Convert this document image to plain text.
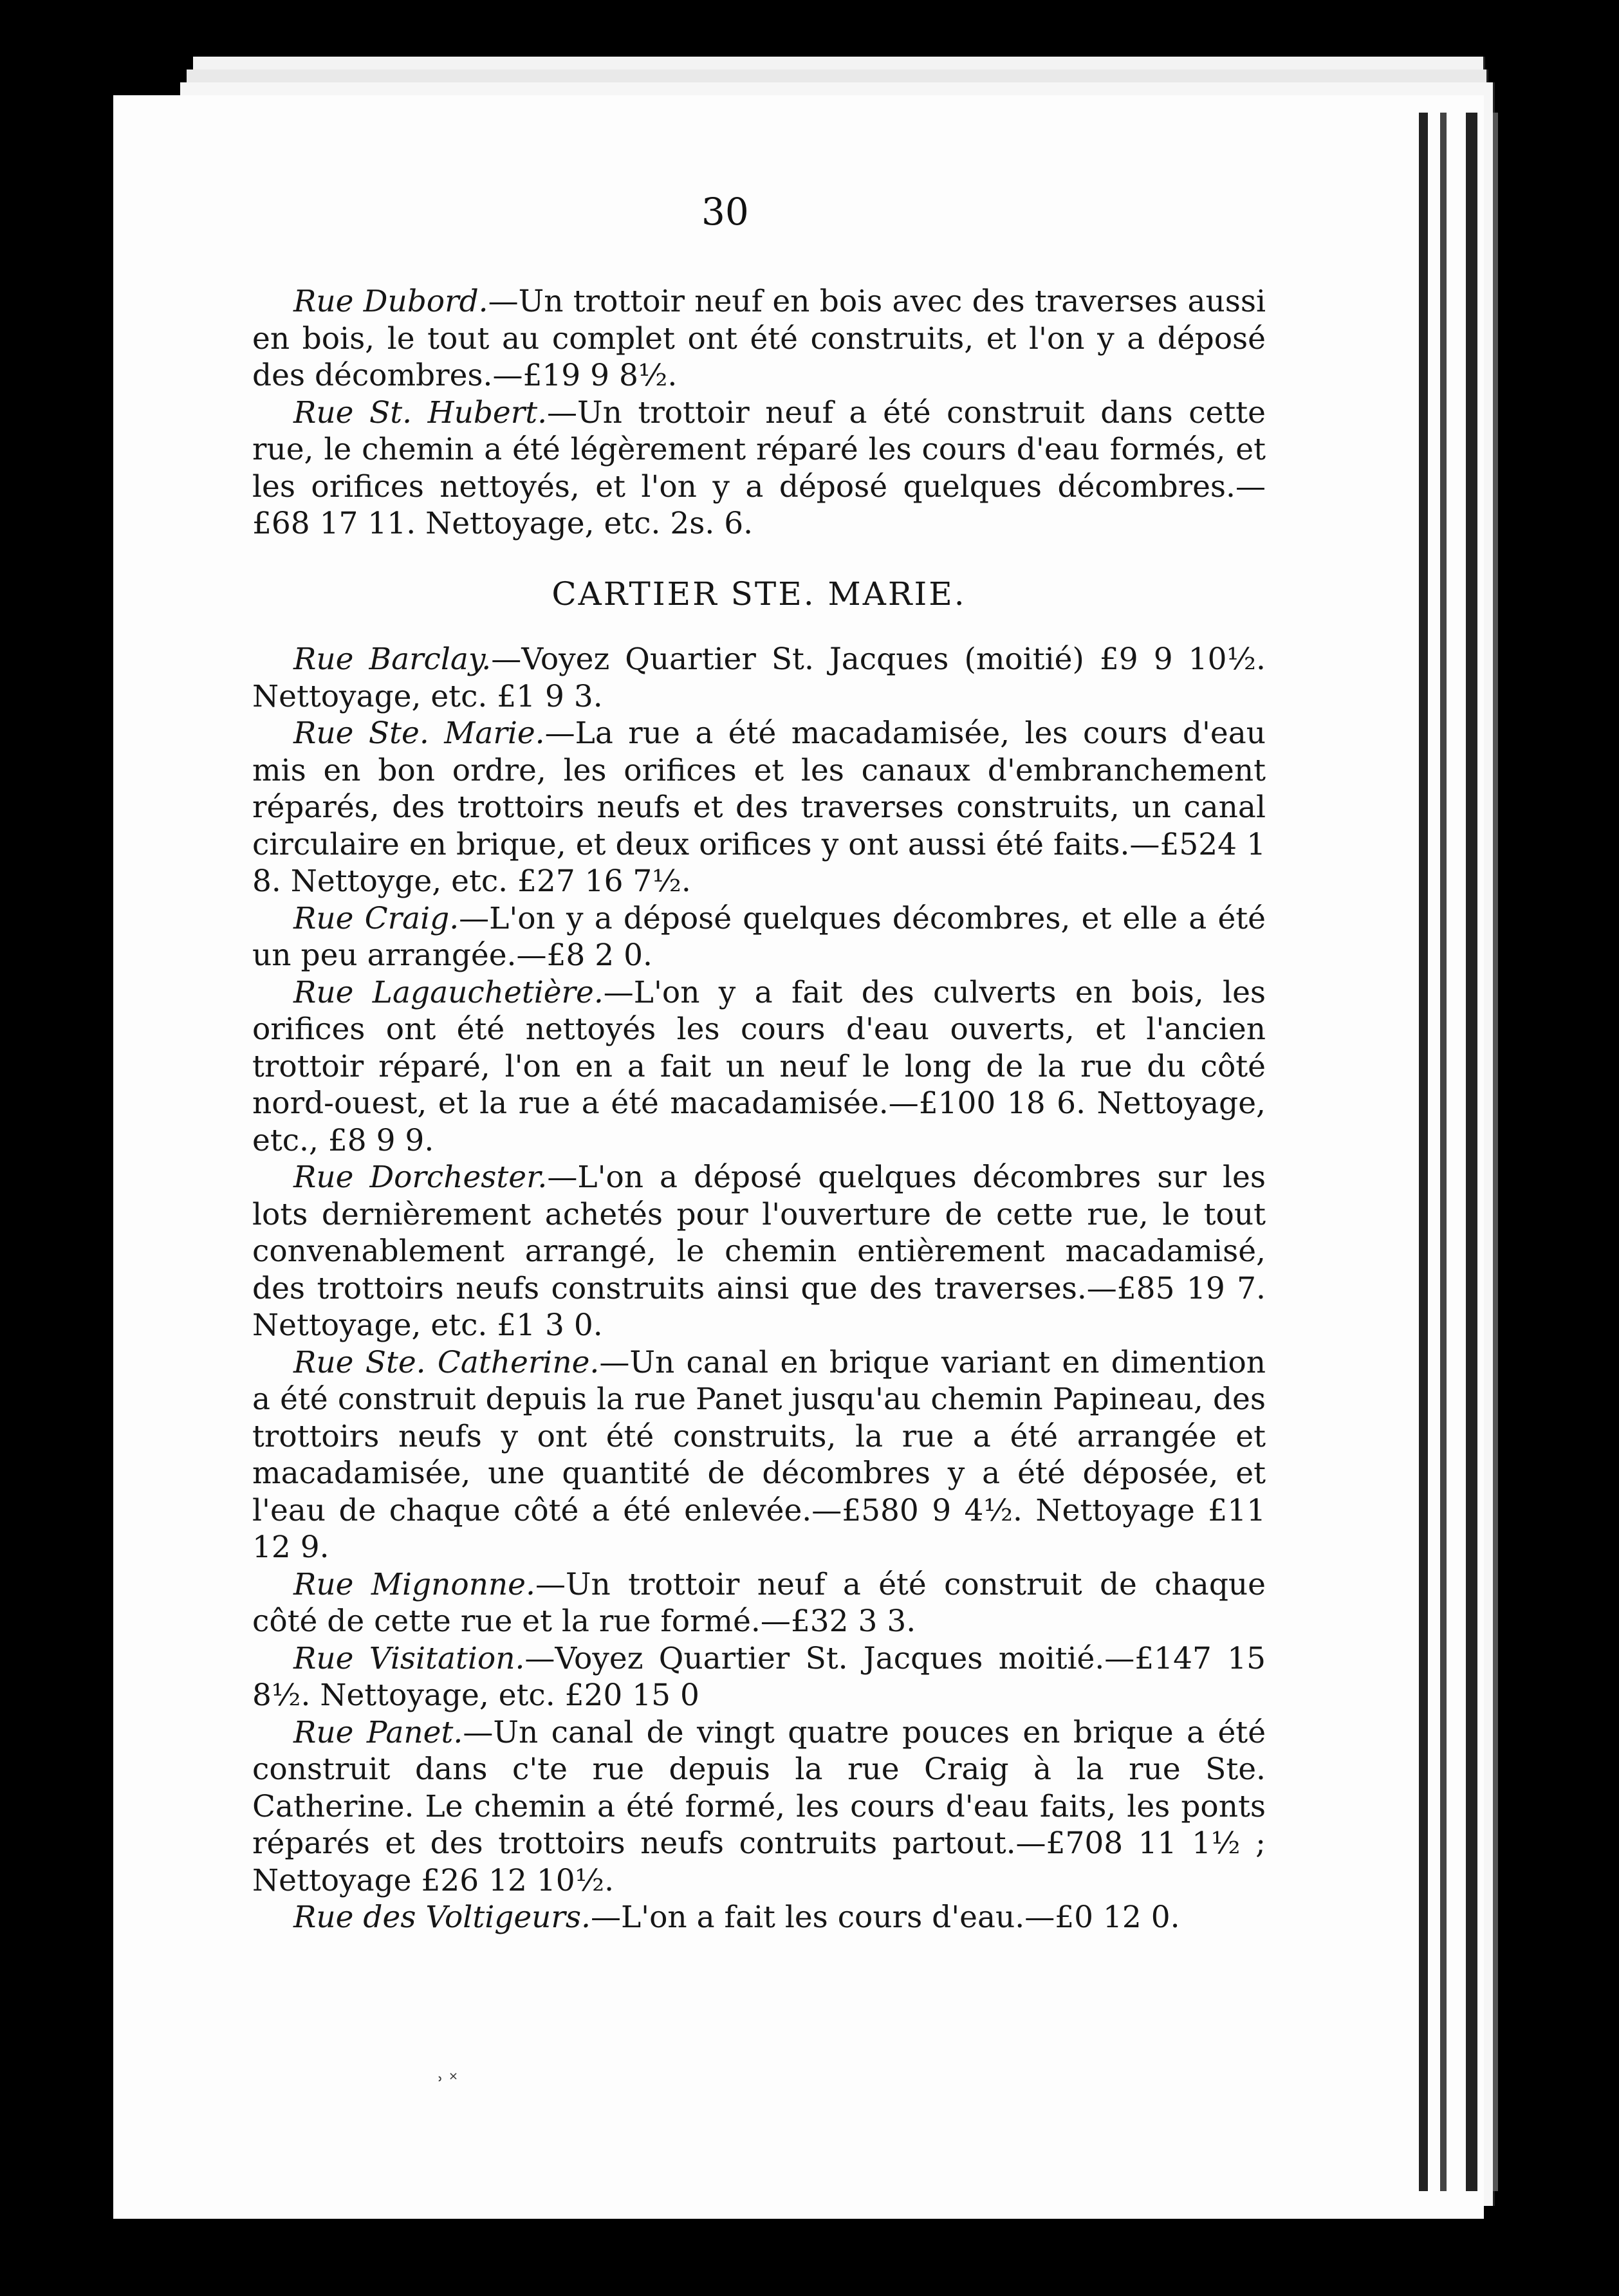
30

Rue Dubord.—Un trottoir neuf en bois avec des traverses aussi en bois, le tout au complet ont été construits, et l'on y a déposé des décombres.—£19 9 8½.

Rue St. Hubert.—Un trottoir neuf a été construit dans cette rue, le chemin a été légèrement réparé les cours d'eau formés, et les orifices nettoyés, et l'on y a déposé quelques décombres.—£68 17 11. Nettoyage, etc. 2s. 6.

CARTIER STE. MARIE.

Rue Barclay.—Voyez Quartier St. Jacques (moitié) £9 9 10½. Nettoyage, etc. £1 9 3.

Rue Ste. Marie.—La rue a été macadamisée, les cours d'eau mis en bon ordre, les orifices et les canaux d'embranchement réparés, des trottoirs neufs et des traverses construits, un canal circulaire en brique, et deux orifices y ont aussi été faits.—£524 1 8. Nettoyge, etc. £27 16 7½.

Rue Craig.—L'on y a déposé quelques décombres, et elle a été un peu arrangée.—£8 2 0.

Rue Lagauchetière.—L'on y a fait des culverts en bois, les orifices ont été nettoyés les cours d'eau ouverts, et l'ancien trottoir réparé, l'on en a fait un neuf le long de la rue du côté nord-ouest, et la rue a été macadamisée.—£100 18 6. Nettoyage, etc., £8 9 9.

Rue Dorchester.—L'on a déposé quelques décombres sur les lots dernièrement achetés pour l'ouverture de cette rue, le tout convenablement arrangé, le chemin entièrement macadamisé, des trottoirs neufs construits ainsi que des traverses.—£85 19 7. Nettoyage, etc. £1 3 0.

Rue Ste. Catherine.—Un canal en brique variant en dimention a été construit depuis la rue Panet jusqu'au chemin Papineau, des trottoirs neufs y ont été construits, la rue a été arrangée et macadamisée, une quantité de décombres y a été déposée, et l'eau de chaque côté a été enlevée.—£580 9 4½. Nettoyage £11 12 9.

Rue Mignonne.—Un trottoir neuf a été construit de chaque côté de cette rue et la rue formé.—£32 3 3.

Rue Visitation.—Voyez Quartier St. Jacques moitié.—£147 15 8½. Nettoyage, etc. £20 15 0

Rue Panet.—Un canal de vingt quatre pouces en brique a été construit dans c'te rue depuis la rue Craig à la rue Ste. Catherine. Le chemin a été formé, les cours d'eau faits, les ponts réparés et des trottoirs neufs contruits partout.—£708 11 1½ ; Nettoyage £26 12 10½.

Rue des Voltigeurs.—L'on a fait les cours d'eau.—£0 12 0.

˒ ˟
